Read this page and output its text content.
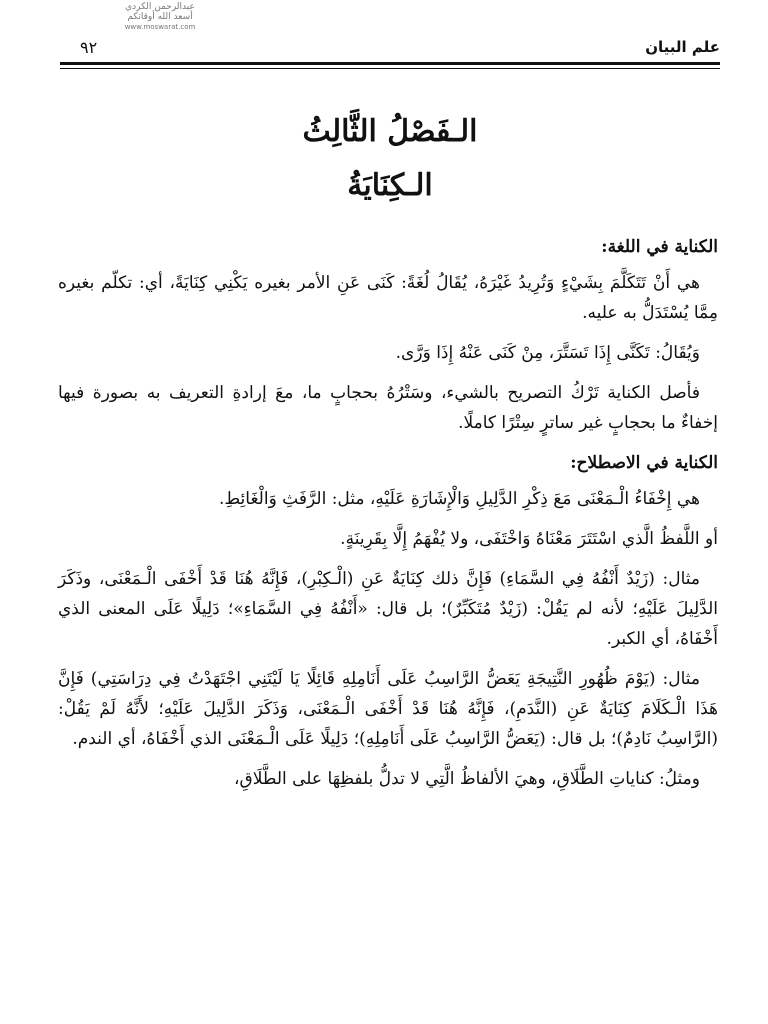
عبدالرحمن الكردي
أسعد الله أوقاتكم
www.moswarat.com
٩٢	علم البيان
الـفَصْلُ الثَّالِثُ
الـكِنَايَةُ
الكناية في اللغة:

هي أَنْ تَتَكَلَّمَ بِشَيْءٍ وَتُرِيدُ غَيْرَهُ، يُقَالُ لُغَةً: كَنَى عَنِ الأمر بغيره يَكْنِي كِنَايَةً، أي: تكلّم بغيره مِمَّا يُسْتَدَلُّ به عليه.

وَيُقَالُ: تَكَنَّى إِذَا تَسَتَّرَ، مِنْ كَنَى عَنْهُ إِذَا وَرَّى.

فأصل الكناية تَرْكُ التصريح بالشيء، وسَتْرُهُ بحجابٍ ما، معَ إرادةِ التعريف به بصورة فيها إخفاءٌ ما بحجابٍ غير ساترٍ سِتْرًا كاملًا.

الكناية في الاصطلاح:

هي إِخْفَاءُ الْـمَعْنَى مَعَ ذِكْرِ الدَّلِيلِ وَالْإِشَارَةِ عَلَيْهِ، مثل: الرَّفَثِ وَالْغَائِطِ.

أو اللَّفظُ الَّذي اسْتَتَرَ مَعْنَاهُ وَاخْتَفَى، ولا يُفْهَمُ إِلَّا بِقَرِينَةٍ.

مثال: (زَيْدٌ أَنْفُهُ فِي السَّمَاءِ) فَإِنَّ ذلك كِنَايَةٌ عَنِ (الْـكِبْرِ)، فَإِنَّهُ هُنَا قَدْ أَخْفَى الْـمَعْنَى، وذَكَرَ الدَّلِيلَ عَلَيْهِ؛ لأنه لم يَقُلْ: (زَيْدٌ مُتَكَبِّرٌ)؛ بل قال: «أَنْفُهُ فِي السَّمَاءِ»؛ دَلِيلًا عَلَى المعنى الذي أَخْفَاهُ، أي الكبر.

مثال: (يَوْمَ ظُهُورِ النَّتِيجَةِ يَعَضُّ الرَّاسِبُ عَلَى أَنَامِلِهِ قَائِلًا يَا لَيْتَنِي اجْتَهَدْتُ فِي دِرَاسَتِي) فَإِنَّ هَذَا الْـكَلَامَ كِنَايَةٌ عَنِ (النَّدَمِ)، فَإِنَّهُ هُنَا قَدْ أَخْفَى الْـمَعْنَى، وَذَكَرَ الدَّلِيلَ عَلَيْهِ؛ لأَنَّهُ لَمْ يَقُلْ: (الرَّاسِبُ نَادِمٌ)؛ بل قال: (يَعَضُّ الرَّاسِبُ عَلَى أَنَامِلِهِ)؛ دَلِيلًا عَلَى الْـمَعْنَى الذي أَخْفَاهُ، أي الندم.

ومثلُ: كناياتِ الطَّلَاقِ، وهيَ الألفاظُ الَّتِي لا تدلُّ بلفظِهَا على الطَّلَاقِ،
